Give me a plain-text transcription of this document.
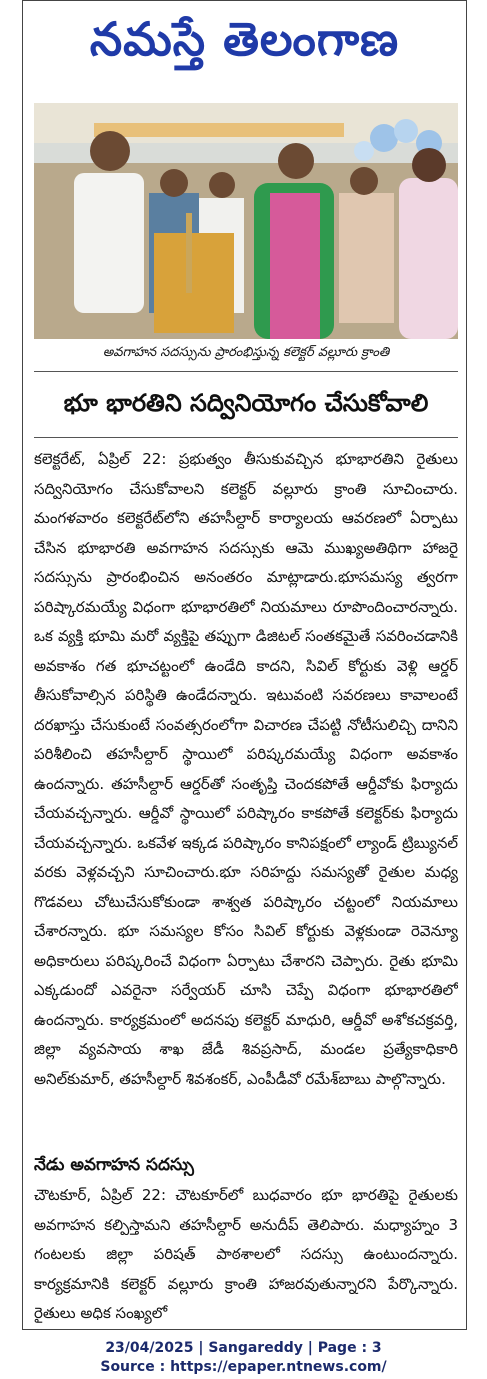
నమస్తే తెలంగాణ
అవగాహన సదస్సును ప్రారంభిస్తున్న కలెక్టర్ వల్లూరు క్రాంతి
భూ భారతిని సద్వినియోగం చేసుకోవాలి
కలెక్టరేట్, ఏప్రిల్ 22: ప్రభుత్వం తీసుకువచ్చిన భూభారతిని రైతులు సద్వినియోగం చేసుకోవాలని కలెక్టర్ వల్లూరు క్రాంతి సూచించారు. మంగళవారం కలెక్టరేట్‌లోని తహసీల్దార్ కార్యాలయ ఆవరణలో ఏర్పాటు చేసిన భూభారతి అవగాహన సదస్సుకు ఆమె ముఖ్యఅతిథిగా హాజరై సదస్సును ప్రారంభించిన అనంతరం మాట్లాడారు.భూసమస్య త్వరగా పరిష్కారమయ్యే విధంగా భూభారతిలో నియమాలు రూపొందించారన్నారు. ఒక వ్యక్తి భూమి మరో వ్యక్తిపై తప్పుగా డిజిటల్ సంతకమైతే సవరించడానికి అవకాశం గత భూచట్టంలో ఉండేది కాదని, సివిల్ కోర్టుకు వెళ్లి ఆర్డర్ తీసుకోవాల్సిన పరిస్థితి ఉండేదన్నారు. ఇటువంటి సవరణలు కావాలంటే దరఖాస్తు చేసుకుంటే సంవత్సరంలోగా విచారణ చేపట్టి నోటీసులిచ్చి దానిని పరిశీలించి తహసీల్దార్ స్థాయిలో పరిష్కరమయ్యే విధంగా అవకాశం ఉందన్నారు. తహసీల్దార్ ఆర్డర్‌తో సంతృప్తి చెందకపోతే ఆర్డీవోకు ఫిర్యాదు చేయవచ్చన్నారు. ఆర్డీవో స్థాయిలో పరిష్కారం కాకపోతే కలెక్టర్‌కు ఫిర్యాదు చేయవచ్చన్నారు. ఒకవేళ ఇక్కడ పరిష్కారం కానిపక్షంలో ల్యాండ్ ట్రిబ్యునల్ వరకు వెళ్లవచ్చని సూచించారు.భూ సరిహద్దు సమస్యతో రైతుల మధ్య గొడవలు చోటుచేసుకోకుండా శాశ్వత పరిష్కారం చట్టంలో నియమాలు చేశారన్నారు. భూ సమస్యల కోసం సివిల్ కోర్టుకు వెళ్లకుండా రెవెన్యూ అధికారులు పరిష్కరించే విధంగా ఏర్పాటు చేశారని చెప్పారు. రైతు భూమి ఎక్కడుందో ఎవరైనా సర్వేయర్ చూసి చెప్పే విధంగా భూభారతిలో ఉందన్నారు. కార్యక్రమంలో అదనపు కలెక్టర్ మాధురి, ఆర్డీవో అశోకచక్రవర్తి, జిల్లా వ్యవసాయ శాఖ జేడీ శివప్రసాద్, మండల ప్రత్యేకాధికారి అనిల్‌కుమార్, తహసీల్దార్ శివశంకర్, ఎంపీడీవో రమేశ్‌బాబు పాల్గొన్నారు.
నేడు అవగాహన సదస్సు
చౌటకూర్, ఏప్రిల్ 22: చౌటకూర్‌లో బుధవారం భూ భారతిపై రైతులకు అవగాహన కల్పిస్తామని తహసీల్దార్ అనుదీప్ తెలిపారు. మధ్యాహ్నం 3 గంటలకు జిల్లా పరిషత్ పాఠశాలలో సదస్సు ఉంటుందన్నారు. కార్యక్రమానికి కలెక్టర్ వల్లూరు క్రాంతి హాజరవుతున్నారని పేర్కొన్నారు. రైతులు అధిక సంఖ్యలో
23/04/2025 | Sangareddy | Page : 3
Source : https://epaper.ntnews.com/
